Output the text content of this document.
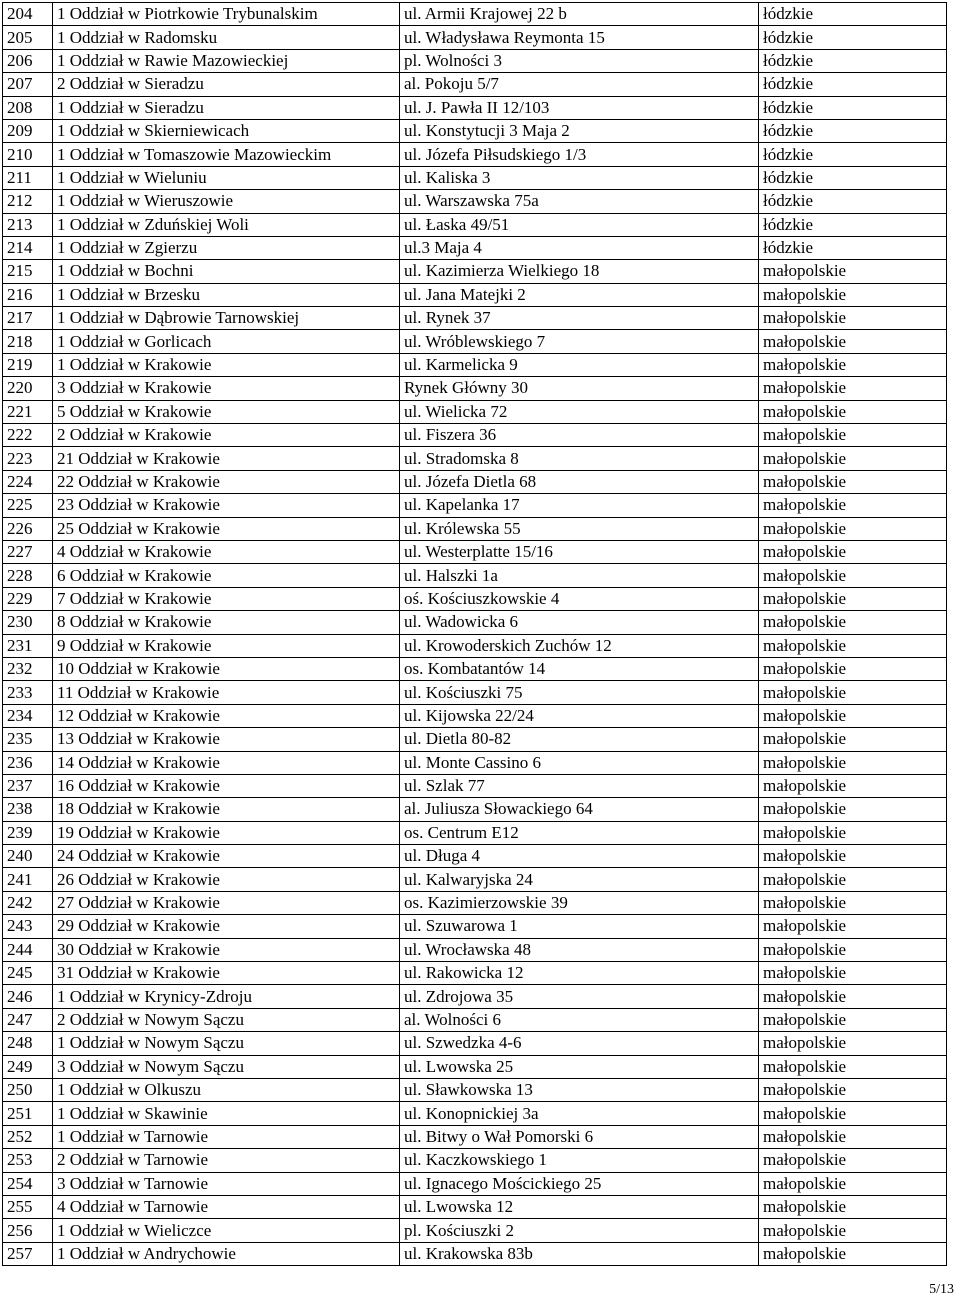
204	1 Oddział w Piotrkowie Trybunalskim	ul. Armii Krajowej 22 b	łódzkie
205	1 Oddział w Radomsku	ul. Władysława Reymonta 15	łódzkie
206	1 Oddział w Rawie Mazowieckiej	pl. Wolności 3	łódzkie
207	2 Oddział w Sieradzu	al. Pokoju 5/7	łódzkie
208	1 Oddział w Sieradzu	ul. J. Pawła II 12/103	łódzkie
209	1 Oddział w Skierniewicach	ul. Konstytucji 3 Maja 2	łódzkie
210	1 Oddział w Tomaszowie Mazowieckim	ul. Józefa Piłsudskiego 1/3	łódzkie
211	1 Oddział w Wieluniu	ul. Kaliska 3	łódzkie
212	1 Oddział w Wieruszowie	ul. Warszawska 75a	łódzkie
213	1 Oddział w Zduńskiej Woli	ul. Łaska 49/51	łódzkie
214	1 Oddział w Zgierzu	ul.3 Maja 4	łódzkie
215	1 Oddział w Bochni	ul. Kazimierza Wielkiego 18	małopolskie
216	1 Oddział w Brzesku	ul. Jana Matejki 2	małopolskie
217	1 Oddział w Dąbrowie Tarnowskiej	ul. Rynek 37	małopolskie
218	1 Oddział w Gorlicach	ul. Wróblewskiego 7	małopolskie
219	1 Oddział w Krakowie	ul. Karmelicka 9	małopolskie
220	3 Oddział w Krakowie	Rynek Główny 30	małopolskie
221	5 Oddział w Krakowie	ul. Wielicka 72	małopolskie
222	2 Oddział w Krakowie	ul. Fiszera 36	małopolskie
223	21 Oddział w Krakowie	ul. Stradomska 8	małopolskie
224	22 Oddział w Krakowie	ul. Józefa Dietla 68	małopolskie
225	23 Oddział w Krakowie	ul. Kapelanka 17	małopolskie
226	25 Oddział w Krakowie	ul. Królewska 55	małopolskie
227	4 Oddział w Krakowie	ul. Westerplatte 15/16	małopolskie
228	6 Oddział w Krakowie	ul. Halszki 1a	małopolskie
229	7 Oddział w Krakowie	oś. Kościuszkowskie 4	małopolskie
230	8 Oddział w Krakowie	ul. Wadowicka 6	małopolskie
231	9 Oddział w Krakowie	ul. Krowoderskich Zuchów 12	małopolskie
232	10 Oddział w Krakowie	os. Kombatantów 14	małopolskie
233	11 Oddział w Krakowie	ul. Kościuszki 75	małopolskie
234	12 Oddział w Krakowie	ul. Kijowska 22/24	małopolskie
235	13 Oddział w Krakowie	ul. Dietla 80-82	małopolskie
236	14 Oddział w Krakowie	ul. Monte Cassino 6	małopolskie
237	16 Oddział w Krakowie	ul. Szlak 77	małopolskie
238	18 Oddział w Krakowie	al. Juliusza Słowackiego 64	małopolskie
239	19 Oddział w Krakowie	os. Centrum E12	małopolskie
240	24 Oddział w Krakowie	ul. Długa 4	małopolskie
241	26 Oddział w Krakowie	ul. Kalwaryjska 24	małopolskie
242	27 Oddział w Krakowie	os. Kazimierzowskie 39	małopolskie
243	29 Oddział w Krakowie	ul. Szuwarowa 1	małopolskie
244	30 Oddział w Krakowie	ul. Wrocławska 48	małopolskie
245	31 Oddział w Krakowie	ul. Rakowicka 12	małopolskie
246	1 Oddział w Krynicy-Zdroju	ul. Zdrojowa 35	małopolskie
247	2 Oddział w Nowym Sączu	al. Wolności 6	małopolskie
248	1 Oddział w Nowym Sączu	ul. Szwedzka 4-6	małopolskie
249	3 Oddział w Nowym Sączu	ul. Lwowska 25	małopolskie
250	1 Oddział w Olkuszu	ul. Sławkowska 13	małopolskie
251	1 Oddział w Skawinie	ul. Konopnickiej 3a	małopolskie
252	1 Oddział w Tarnowie	ul. Bitwy o Wał Pomorski 6	małopolskie
253	2 Oddział w Tarnowie	ul. Kaczkowskiego 1	małopolskie
254	3 Oddział w Tarnowie	ul. Ignacego Mościckiego 25	małopolskie
255	4 Oddział w Tarnowie	ul. Lwowska 12	małopolskie
256	1 Oddział w Wieliczce	pl. Kościuszki 2	małopolskie
257	1 Oddział w Andrychowie	ul. Krakowska 83b	małopolskie
5/13
